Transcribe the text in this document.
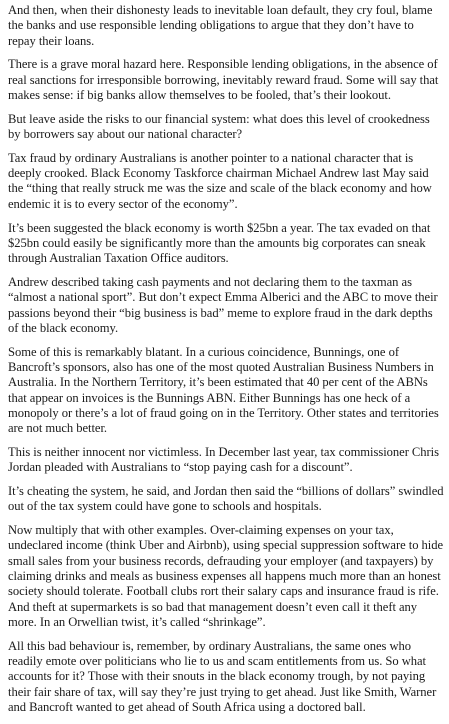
And then, when their dishonesty leads to inevitable loan default, they cry foul, blame the banks and use responsible lending obligations to argue that they don’t have to repay their loans.

There is a grave moral hazard here. Responsible lending obligations, in the absence of real sanctions for irresponsible borrowing, inevitably reward fraud. Some will say that makes sense: if big banks allow themselves to be fooled, that’s their lookout.

But leave aside the risks to our financial system: what does this level of crookedness by borrowers say about our national character?

Tax fraud by ordinary Australians is another pointer to a national character that is deeply crooked. Black Economy Taskforce chairman Michael Andrew last May said the “thing that really struck me was the size and scale of the black economy and how endemic it is to every sector of the economy”.

It’s been suggested the black economy is worth $25bn a year. The tax evaded on that $25bn could easily be significantly more than the amounts big corporates can sneak through Australian Taxation Office auditors.

Andrew described taking cash payments and not declaring them to the taxman as “almost a national sport”. But don’t expect Emma Alberici and the ABC to move their passions beyond their “big business is bad” meme to explore fraud in the dark depths of the black economy.

Some of this is remarkably blatant. In a curious coincidence, Bunnings, one of Bancroft’s sponsors, also has one of the most quoted Australian Business Numbers in Australia. In the Northern Territory, it’s been estimated that 40 per cent of the ABNs that appear on invoices is the Bunnings ABN. Either Bunnings has one heck of a monopoly or there’s a lot of fraud going on in the Territory. Other states and territories are not much better.

This is neither innocent nor victimless. In December last year, tax commissioner Chris Jordan pleaded with Australians to “stop paying cash for a discount”.

It’s cheating the system, he said, and Jordan then said the “billions of dollars” swindled out of the tax system could have gone to schools and hospitals.

Now multiply that with other examples. Over-claiming expenses on your tax, undeclared income (think Uber and Airbnb), using special suppression software to hide small sales from your business records, defrauding your employer (and taxpayers) by claiming drinks and meals as business expenses all happens much more than an honest society should tolerate. Football clubs rort their salary caps and insurance fraud is rife. And theft at supermarkets is so bad that management doesn’t even call it theft any more. In an Orwellian twist, it’s called “shrinkage”.

All this bad behaviour is, remember, by ordinary Australians, the same ones who readily emote over politicians who lie to us and scam entitlements from us. So what accounts for it? Those with their snouts in the black economy trough, by not paying their fair share of tax, will say they’re just trying to get ahead. Just like Smith, Warner and Bancroft wanted to get ahead of South Africa using a doctored ball.
